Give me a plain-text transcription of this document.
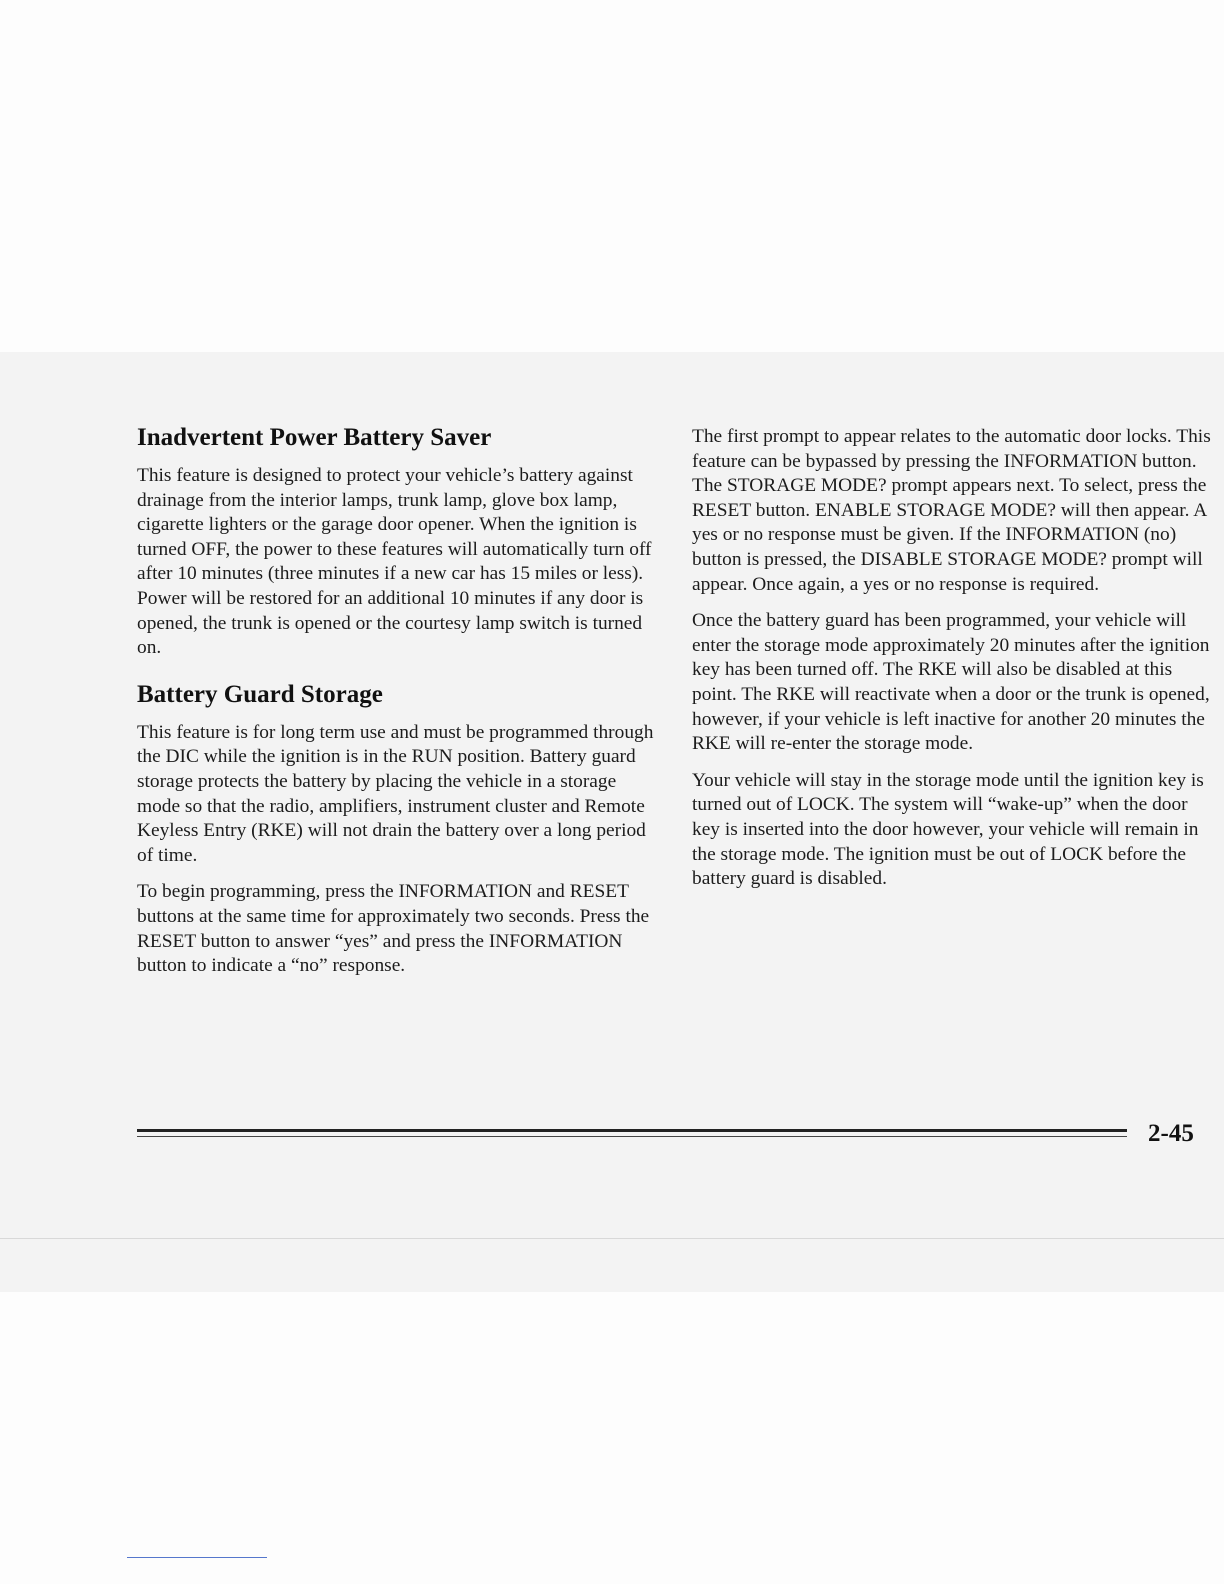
Inadvertent Power Battery Saver

This feature is designed to protect your vehicle’s battery against drainage from the interior lamps, trunk lamp, glove box lamp, cigarette lighters or the garage door opener. When the ignition is turned OFF, the power to these features will automatically turn off after 10 minutes (three minutes if a new car has 15 miles or less). Power will be restored for an additional 10 minutes if any door is opened, the trunk is opened or the courtesy lamp switch is turned on.

Battery Guard Storage

This feature is for long term use and must be programmed through the DIC while the ignition is in the RUN position. Battery guard storage protects the battery by placing the vehicle in a storage mode so that the radio, amplifiers, instrument cluster and Remote Keyless Entry (RKE) will not drain the battery over a long period of time.

To begin programming, press the INFORMATION and RESET buttons at the same time for approximately two seconds. Press the RESET button to answer “yes” and press the INFORMATION button to indicate a “no” response.

The first prompt to appear relates to the automatic door locks. This feature can be bypassed by pressing the INFORMATION button. The STORAGE MODE? prompt appears next. To select, press the RESET button. ENABLE STORAGE MODE? will then appear. A yes or no response must be given. If the INFORMATION (no) button is pressed, the DISABLE STORAGE MODE? prompt will appear. Once again, a yes or no response is required.

Once the battery guard has been programmed, your vehicle will enter the storage mode approximately 20 minutes after the ignition key has been turned off. The RKE will also be disabled at this point. The RKE will reactivate when a door or the trunk is opened, however, if your vehicle is left inactive for another 20 minutes the RKE will re-enter the storage mode.

Your vehicle will stay in the storage mode until the ignition key is turned out of LOCK. The system will “wake-up” when the door key is inserted into the door however, your vehicle will remain in the storage mode. The ignition must be out of LOCK before the battery guard is disabled.

2-45
